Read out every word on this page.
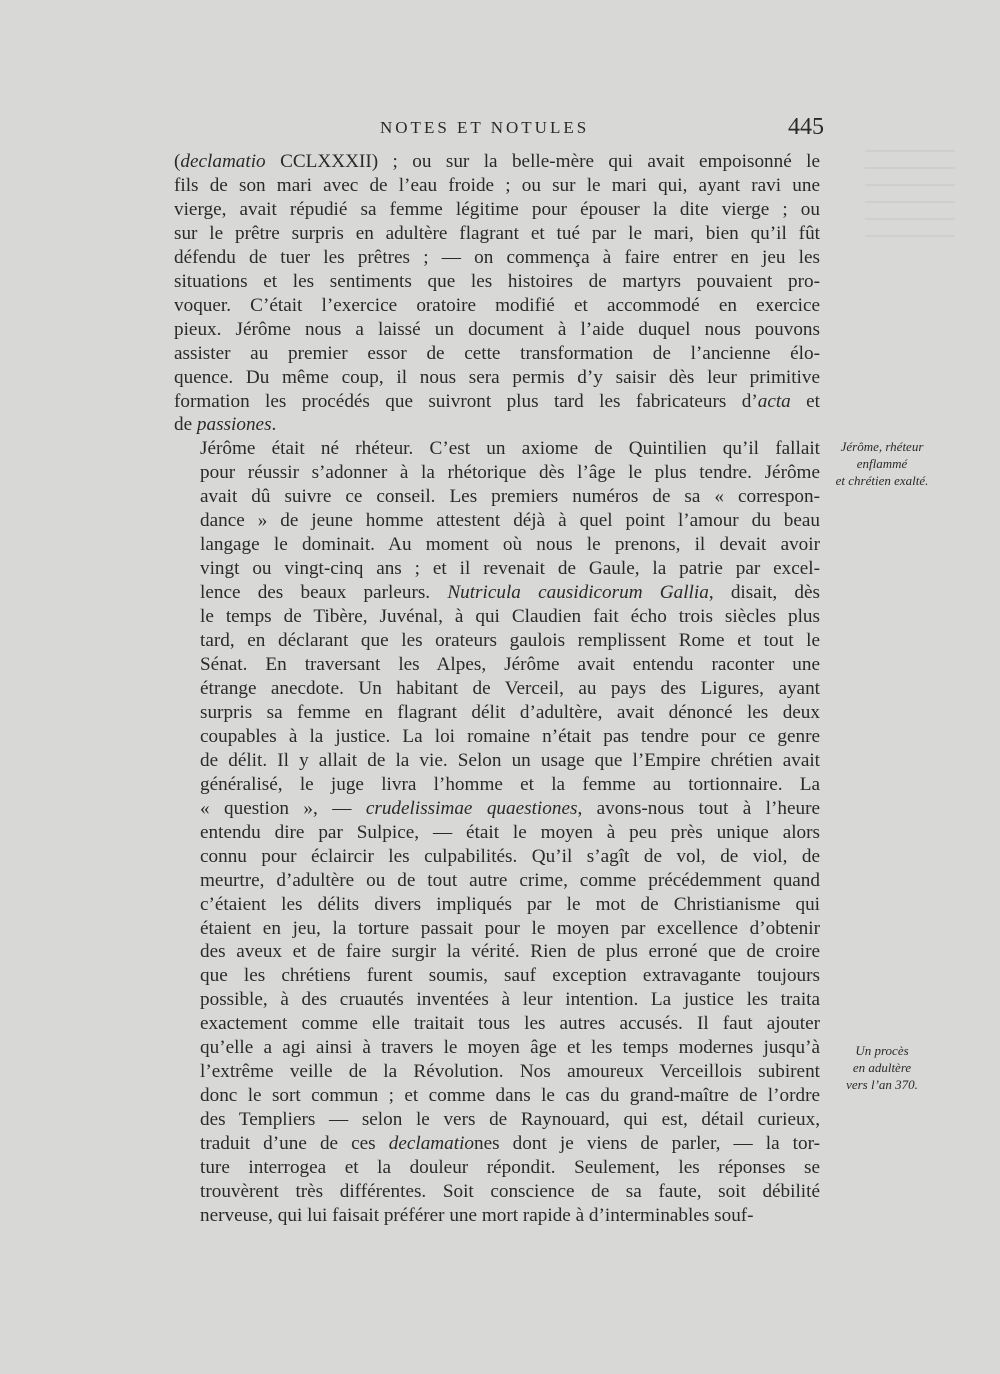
NOTES ET NOTULES	445

(declamatio CCLXXXII) ; ou sur la belle-mère qui avait empoisonné le
fils de son mari avec de l’eau froide ; ou sur le mari qui, ayant ravi une
vierge, avait répudié sa femme légitime pour épouser la dite vierge ; ou
sur le prêtre surpris en adultère flagrant et tué par le mari, bien qu’il fût
défendu de tuer les prêtres ; — on commença à faire entrer en jeu les
situations et les sentiments que les histoires de martyrs pouvaient pro-
voquer. C’était l’exercice oratoire modifié et accommodé en exercice
pieux. Jérôme nous a laissé un document à l’aide duquel nous pouvons
assister au premier essor de cette transformation de l’ancienne élo-
quence. Du même coup, il nous sera permis d’y saisir dès leur primitive
formation les procédés que suivront plus tard les fabricateurs d’acta et
de passiones.

Jérôme était né rhéteur. C’est un axiome de Quintilien qu’il fallait
pour réussir s’adonner à la rhétorique dès l’âge le plus tendre. Jérôme
avait dû suivre ce conseil. Les premiers numéros de sa « correspon-
dance » de jeune homme attestent déjà à quel point l’amour du beau
langage le dominait. Au moment où nous le prenons, il devait avoir
vingt ou vingt-cinq ans ; et il revenait de Gaule, la patrie par excel-
lence des beaux parleurs. Nutricula causidicorum Gallia, disait, dès
le temps de Tibère, Juvénal, à qui Claudien fait écho trois siècles plus
tard, en déclarant que les orateurs gaulois remplissent Rome et tout le
Sénat. En traversant les Alpes, Jérôme avait entendu raconter une
étrange anecdote. Un habitant de Verceil, au pays des Ligures, ayant
surpris sa femme en flagrant délit d’adultère, avait dénoncé les deux
coupables à la justice. La loi romaine n’était pas tendre pour ce genre
de délit. Il y allait de la vie. Selon un usage que l’Empire chrétien avait
généralisé, le juge livra l’homme et la femme au tortionnaire. La
« question », — crudelissimae quaestiones, avons-nous tout à l’heure
entendu dire par Sulpice, — était le moyen à peu près unique alors
connu pour éclaircir les culpabilités. Qu’il s’agît de vol, de viol, de
meurtre, d’adultère ou de tout autre crime, comme précédemment quand
c’étaient les délits divers impliqués par le mot de Christianisme qui
étaient en jeu, la torture passait pour le moyen par excellence d’obtenir
des aveux et de faire surgir la vérité. Rien de plus erroné que de croire
que les chrétiens furent soumis, sauf exception extravagante toujours
possible, à des cruautés inventées à leur intention. La justice les traita
exactement comme elle traitait tous les autres accusés. Il faut ajouter
qu’elle a agi ainsi à travers le moyen âge et les temps modernes jusqu’à
l’extrême veille de la Révolution. Nos amoureux Verceillois subirent
donc le sort commun ; et comme dans le cas du grand-maître de l’ordre
des Templiers — selon le vers de Raynouard, qui est, détail curieux,
traduit d’une de ces declamationes dont je viens de parler, — la tor-
ture interrogea et la douleur répondit. Seulement, les réponses se
trouvèrent très différentes. Soit conscience de sa faute, soit débilité
nerveuse, qui lui faisait préférer une mort rapide à d’interminables souf-

Jérôme, rhéteur
enflammé
et chrétien exalté.
Un procès
en adultère
vers l’an 370.
